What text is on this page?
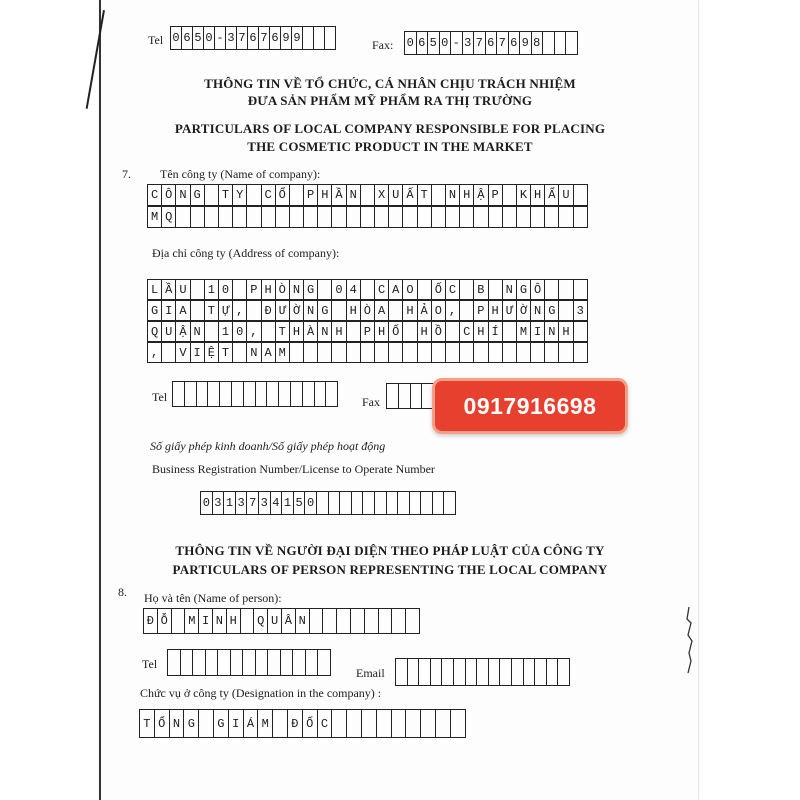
Tel 0 6 5 0 - 3 7 6 7 6 9 9	Fax: 0 6 5 0 - 3 7 6 7 6 9 8
THÔNG TIN VỀ TỔ CHỨC, CÁ NHÂN CHỊU TRÁCH NHIỆM
ĐƯA SẢN PHẨM MỸ PHẨM RA THỊ TRƯỜNG
PARTICULARS OF LOCAL COMPANY RESPONSIBLE FOR PLACING
THE COSMETIC PRODUCT IN THE MARKET
7. Tên công ty (Name of company):
C Ô N G	T Y	C Ổ	P H Ầ N	X U Ấ T	N H Ậ P	K H Ẩ U
M Q
Địa chỉ công ty (Address of company):
L Ầ U	1 0	P H Ò N G	0 4	C A O	Ố C	B	N G Ô
G I A	T Ự ,	Đ Ư Ờ N G	H Ò A	H Ả O ,	P H Ư Ờ N G	3
Q U Ậ N	1 0 ,	T H À N H	P H Ố	H Ồ	C H Í	M I N H
,	V I Ệ T	N A M
Tel	Fax
Số giấy phép kinh doanh/Số giấy phép hoạt động
Business Registration Number/License to Operate Number
0 3 1 3 7 3 4 1 5 0
0917916698
THÔNG TIN VỀ NGƯỜI ĐẠI DIỆN THEO PHÁP LUẬT CỦA CÔNG TY
PARTICULARS OF PERSON REPRESENTING THE LOCAL COMPANY
8. Họ và tên (Name of person):
Đ Ỗ	M I N H	Q U Â N
Tel
Email
Chức vụ ở công ty (Designation in the company) :
T Ổ N G	G I Á M	Đ Ố C
